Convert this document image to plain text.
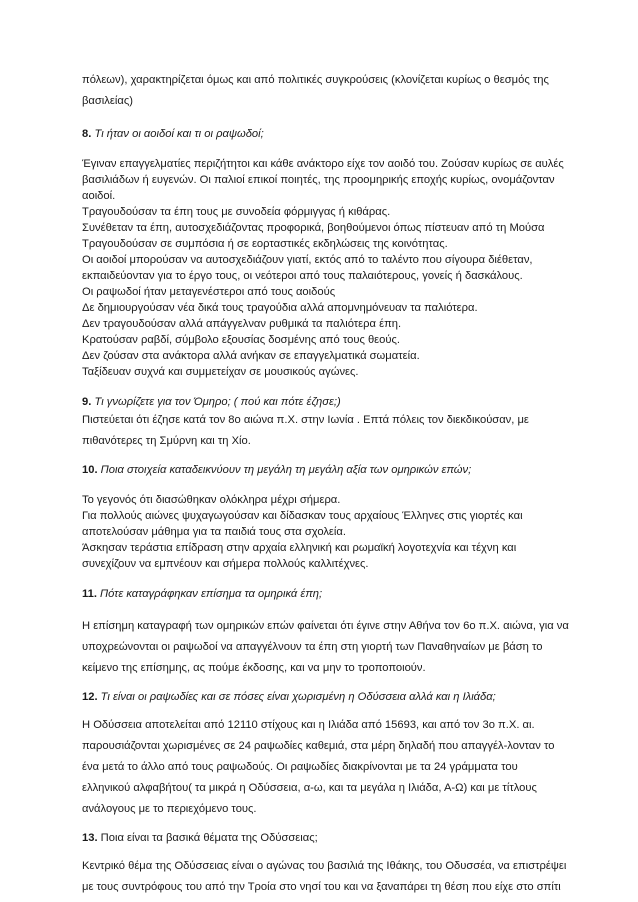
πόλεων), χαρακτηρίζεται όμως και από πολιτικές συγκρούσεις (κλονίζεται κυρίως ο θεσμός της
βασιλείας)
8. Τι ήταν οι αοιδοί και τι οι ραψωδοί;
Έγιναν επαγγελματίες περιζήτητοι και κάθε ανάκτορο είχε τον αοιδό του. Ζούσαν κυρίως σε αυλές
βασιλιάδων ή ευγενών. Οι παλιοί επικοί ποιητές, της προομηρικής εποχής κυρίως, ονομάζονταν
αοιδοί.
Τραγουδούσαν τα έπη τους με συνοδεία φόρμιγγας ή κιθάρας.
Συνέθεταν τα έπη, αυτοσχεδιάζοντας προφορικά, βοηθούμενοι όπως πίστευαν από τη Μούσα
Τραγουδούσαν σε συμπόσια ή σε εορταστικές εκδηλώσεις της κοινότητας.
Οι αοιδοί μπορούσαν να αυτοσχεδιάζουν γιατί, εκτός από το ταλέντο που σίγουρα διέθεταν,
εκπαιδεύονταν για το έργο τους, οι νεότεροι από τους παλαιότερους, γονείς ή δασκάλους.
Οι ραψωδοί ήταν μεταγενέστεροι από τους αοιδούς
Δε δημιουργούσαν νέα δικά τους τραγούδια αλλά απομνημόνευαν τα παλιότερα.
Δεν τραγουδούσαν αλλά απάγγελναν ρυθμικά τα παλιότερα έπη.
Κρατούσαν ραβδί, σύμβολο εξουσίας δοσμένης από τους θεούς.
Δεν ζούσαν στα ανάκτορα αλλά ανήκαν σε επαγγελματικά σωματεία.
Ταξίδευαν συχνά και συμμετείχαν σε μουσικούς αγώνες.
9. Τι γνωρίζετε για τον Όμηρο; ( πού και πότε έζησε;)
Πιστεύεται ότι έζησε κατά τον 8ο αιώνα π.Χ. στην Ιωνία . Επτά πόλεις τον διεκδικούσαν, με
πιθανότερες τη Σμύρνη και τη Χίο.
10. Ποια στοιχεία καταδεικνύουν τη μεγάλη τη μεγάλη αξία των ομηρικών επών;
Το γεγονός ότι διασώθηκαν ολόκληρα μέχρι σήμερα.
Για πολλούς αιώνες ψυχαγωγούσαν και δίδασκαν τους αρχαίους Έλληνες στις γιορτές και
αποτελούσαν μάθημα για τα παιδιά τους στα σχολεία.
Άσκησαν τεράστια επίδραση στην αρχαία ελληνική και ρωμαϊκή λογοτεχνία και τέχνη και
συνεχίζουν να εμπνέουν και σήμερα πολλούς καλλιτέχνες.
11. Πότε καταγράφηκαν επίσημα τα ομηρικά έπη;
Η επίσημη καταγραφή των ομηρικών επών φαίνεται ότι έγινε στην Αθήνα τον 6ο π.Χ. αιώνα, για να
υποχρεώνονται οι ραψωδοί να απαγγέλνουν τα έπη στη γιορτή των Παναθηναίων με βάση το
κείμενο της επίσημης, ας πούμε έκδοσης, και να μην το τροποποιούν.
12. Τι είναι οι ραψωδίες και σε πόσες είναι χωρισμένη η Οδύσσεια αλλά και η Ιλιάδα;
Η Οδύσσεια αποτελείται από 12110 στίχους και η Ιλιάδα από 15693, και από τον 3ο π.Χ. αι.
παρουσιάζονται χωρισμένες σε 24 ραψωδίες καθεμιά, στα μέρη δηλαδή που απαγγέλ-λονταν το
ένα μετά το άλλο από τους ραψωδούς. Οι ραψωδίες διακρίνονται με τα 24 γράμματα του
ελληνικού αλφαβήτου( τα μικρά η Οδύσσεια, α-ω, και τα μεγάλα η Ιλιάδα, Α-Ω) και με τίτλους
ανάλογους με το περιεχόμενο τους.
13. Ποια είναι τα βασικά θέματα της Οδύσσειας;
Κεντρικό θέμα της Οδύσσειας είναι ο αγώνας του βασιλιά της Ιθάκης, του Οδυσσέα, να επιστρέψει
με τους συντρόφους του από την Τροία στο νησί του και να ξαναπάρει τη θέση που είχε στο σπίτι
